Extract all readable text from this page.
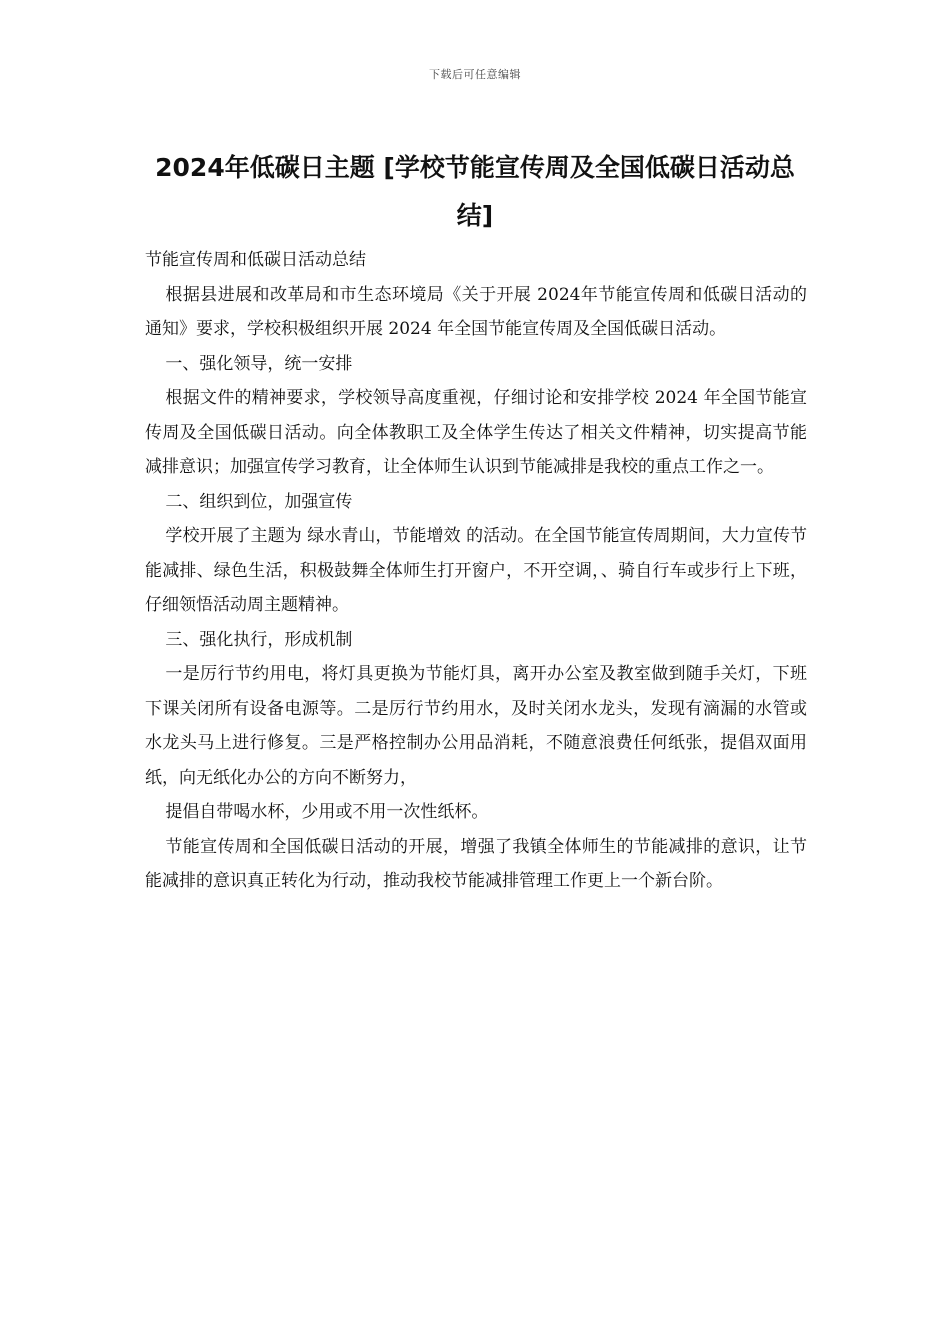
下载后可任意编辑
2024年低碳日主题 [学校节能宣传周及全国低碳日活动总结]

节能宣传周和低碳日活动总结

根据县进展和改革局和市生态环境局《关于开展 2024年节能宣传周和低碳日活动的通知》要求，学校积极组织开展 2024 年全国节能宣传周及全国低碳日活动。

一、强化领导，统一安排

根据文件的精神要求，学校领导高度重视，仔细讨论和安排学校 2024 年全国节能宣传周及全国低碳日活动。向全体教职工及全体学生传达了相关文件精神，切实提高节能减排意识；加强宣传学习教育，让全体师生认识到节能减排是我校的重点工作之一。

二、组织到位，加强宣传

学校开展了主题为 绿水青山，节能增效 的活动。在全国节能宣传周期间，大力宣传节能减排、绿色生活，积极鼓舞全体师生打开窗户，不开空调，、骑自行车或步行上下班，仔细领悟活动周主题精神。

三、强化执行，形成机制

一是厉行节约用电，将灯具更换为节能灯具，离开办公室及教室做到随手关灯，下班下课关闭所有设备电源等。二是厉行节约用水，及时关闭水龙头，发现有滴漏的水管或水龙头马上进行修复。三是严格控制办公用品消耗，不随意浪费任何纸张，提倡双面用纸，向无纸化办公的方向不断努力，

提倡自带喝水杯，少用或不用一次性纸杯。

节能宣传周和全国低碳日活动的开展，增强了我镇全体师生的节能减排的意识，让节能减排的意识真正转化为行动，推动我校节能减排管理工作更上一个新台阶。
